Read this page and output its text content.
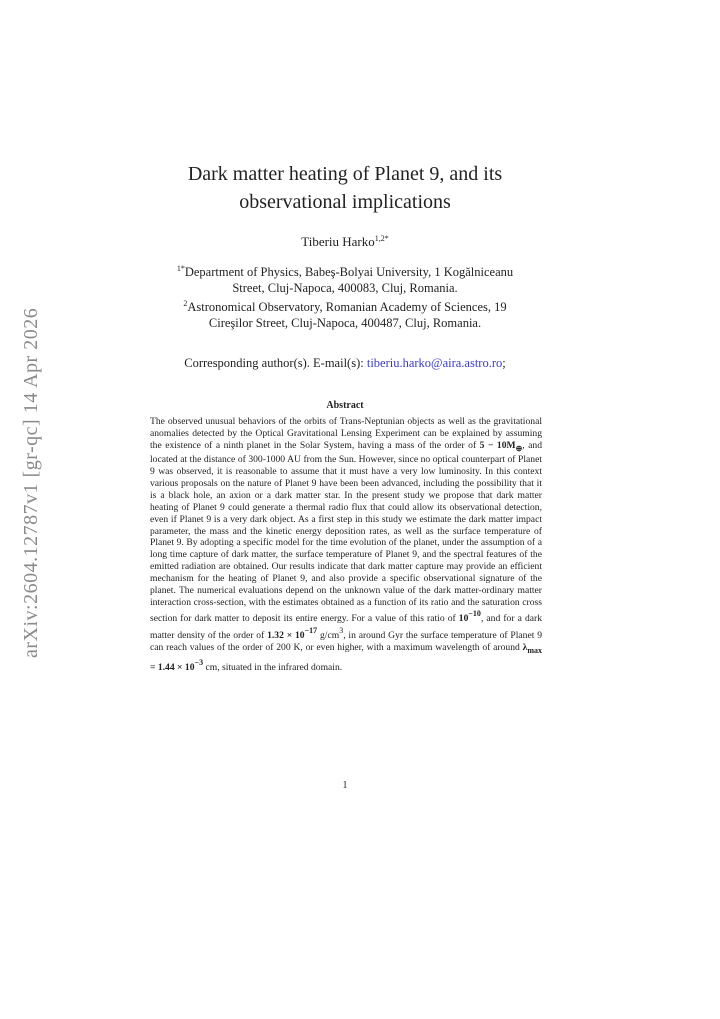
arXiv:2604.12787v1 [gr-qc] 14 Apr 2026
Dark matter heating of Planet 9, and its
observational implications
Tiberiu Harko$^{1,2*}$
$^{1*}$Department of Physics, Babeş-Bolyai University, 1 Kogălniceanu
Street, Cluj-Napoca, 400083, Cluj, Romania.
$^2$Astronomical Observatory, Romanian Academy of Sciences, 19
Cireşilor Street, Cluj-Napoca, 400487, Cluj, Romania.
Corresponding author(s). E-mail(s): tiberiu.harko@aira.astro.ro;
Abstract
The observed unusual behaviors of the orbits of Trans-Neptunian objects as well as the gravitational anomalies detected by the Optical Gravitational Lensing Experiment can be explained by assuming the existence of a ninth planet in the Solar System, having a mass of the order of $5 - 10M_\oplus$, and located at the distance of 300-1000 AU from the Sun. However, since no optical counterpart of Planet 9 was observed, it is reasonable to assume that it must have a very low luminosity. In this context various proposals on the nature of Planet 9 have been been advanced, including the possibility that it is a black hole, an axion or a dark matter star. In the present study we propose that dark matter heating of Planet 9 could generate a thermal radio flux that could allow its observational detection, even if Planet 9 is a very dark object. As a first step in this study we estimate the dark matter impact parameter, the mass and the kinetic energy deposition rates, as well as the surface temperature of Planet 9. By adopting a specific model for the time evolution of the planet, under the assumption of a long time capture of dark matter, the surface temperature of Planet 9, and the spectral features of the emitted radiation are obtained. Our results indicate that dark matter capture may provide an efficient mechanism for the heating of Planet 9, and also provide a specific observational signature of the planet. The numerical evaluations depend on the unknown value of the dark matter-ordinary matter interaction cross-section, with the estimates obtained as a function of its ratio and the saturation cross section for dark matter to deposit its entire energy. For a value of this ratio of $10^{-10}$, and for a dark matter density of the order of $1.32 \times 10^{-17}$ $g/cm^3$, in around Gyr the surface temperature of Planet 9 can reach values of the order of 200 K, or even higher, with a maximum wavelength of around $\lambda_{max} = 1.44 \times 10^{-3}$ cm, situated in the infrared domain.
1
